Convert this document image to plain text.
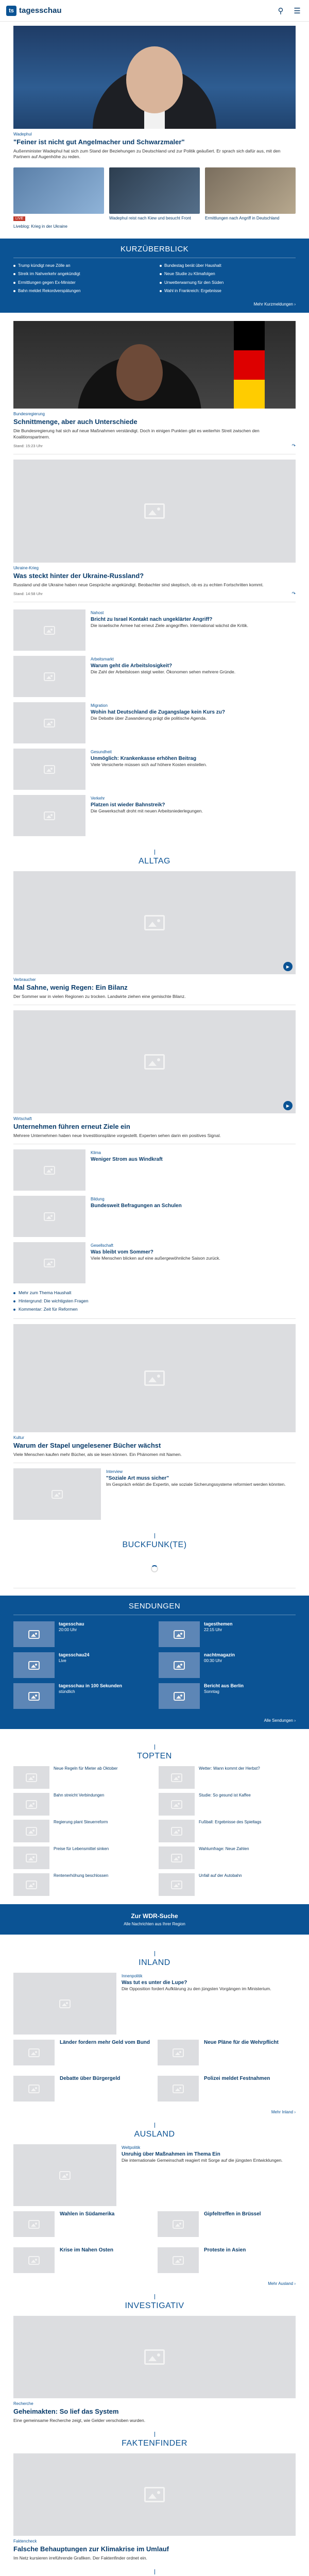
ts tagesschau	⚲	☰
Wadephul
"Feiner ist nicht gut Angelmacher und Schwarzmaler"
Außenminister Wadephul hat sich zum Stand der Beziehungen zu Deutschland und zur Politik geäußert. Er sprach sich dafür aus, mit den Partnern auf Augenhöhe zu reden.
LIVE
Liveblog: Krieg in der Ukraine
Wadephul reist nach Kiew und besucht Front	Ermittlungen nach Angriff in Deutschland
KURZÜBERBLICK
Trump kündigt neue Zölle an	Bundestag berät über Haushalt
Streik im Nahverkehr angekündigt	Neue Studie zu Klimafolgen
Ermittlungen gegen Ex-Minister	Unwetterwarnung für den Süden
Bahn meldet Rekordverspätungen	Wahl in Frankreich: Ergebnisse
Mehr Kurzmeldungen ›
Bundesregierung
Schnittmenge, aber auch Unterschiede
Die Bundesregierung hat sich auf neue Maßnahmen verständigt. Doch in einigen Punkten gibt es weiterhin Streit zwischen den Koalitionspartnern.
Stand: 15:23 Uhr	↷
Ukraine-Krieg
Was steckt hinter der Ukraine-Russland?
Russland und die Ukraine haben neue Gespräche angekündigt. Beobachter sind skeptisch, ob es zu echten Fortschritten kommt.
Stand: 14:58 Uhr	↷
Nahost
Bricht zu Israel Kontakt nach ungeklärter Angriff?
Die israelische Armee hat erneut Ziele angegriffen. International wächst die Kritik.
Arbeitsmarkt
Warum geht die Arbeitslosigkeit?
Die Zahl der Arbeitslosen steigt weiter. Ökonomen sehen mehrere Gründe.
Migration
Wohin hat Deutschland die Zugangslage kein Kurs zu?
Die Debatte über Zuwanderung prägt die politische Agenda.
Gesundheit
Unmöglich: Krankenkasse erhöhen Beitrag
Viele Versicherte müssen sich auf höhere Kosten einstellen.
Verkehr
Platzen ist wieder Bahnstreik?
Die Gewerkschaft droht mit neuen Arbeitsniederlegungen.
ALLTAG
▶
Verbraucher
Mal Sahne, wenig Regen: Ein Bilanz
Der Sommer war in vielen Regionen zu trocken. Landwirte ziehen eine gemischte Bilanz.
▶
Wirtschaft
Unternehmen führen erneut Ziele ein
Mehrere Unternehmen haben neue Investitionspläne vorgestellt. Experten sehen darin ein positives Signal.
Klima
Weniger Strom aus Windkraft
Bildung
Bundesweit Befragungen an Schulen
Gesellschaft
Was bleibt vom Sommer?
Viele Menschen blicken auf eine außergewöhnliche Saison zurück.
Mehr zum Thema Haushalt
Hintergrund: Die wichtigsten Fragen
Kommentar: Zeit für Reformen
Kultur
Warum der Stapel ungelesener Bücher wächst
Viele Menschen kaufen mehr Bücher, als sie lesen können. Ein Phänomen mit Namen.
Interview
"Soziale Art muss sicher"
Im Gespräch erklärt die Expertin, wie soziale Sicherungssysteme reformiert werden könnten.
BUCKFUNK(TE)
SENDUNGEN
tagesschau
20:00 Uhr
tagesthemen
22:15 Uhr
tagesschau24
Live
nachtmagazin
00:30 Uhr
tagesschau in 100 Sekunden
stündlich
Bericht aus Berlin
Sonntag
Alle Sendungen ›
TOPTEN
Neue Regeln für Mieter ab Oktober	Wetter: Wann kommt der Herbst?
Bahn streicht Verbindungen	Studie: So gesund ist Kaffee
Regierung plant Steuerreform	Fußball: Ergebnisse des Spieltags
Preise für Lebensmittel sinken	Wahlumfrage: Neue Zahlen
Rentenerhöhung beschlossen	Unfall auf der Autobahn
Zur WDR-Suche
Alle Nachrichten aus Ihrer Region
INLAND
Innenpolitik
Was tut es unter die Lupe?
Die Opposition fordert Aufklärung zu den jüngsten Vorgängen im Ministerium.
Länder fordern mehr Geld vom Bund	Neue Pläne für die Wehrpflicht
Debatte über Bürgergeld	Polizei meldet Festnahmen
Mehr Inland ›
AUSLAND
Weltpolitik
Unruhig über Maßnahmen im Thema Ein
Die internationale Gemeinschaft reagiert mit Sorge auf die jüngsten Entwicklungen.
Wahlen in Südamerika	Gipfeltreffen in Brüssel
Krise im Nahen Osten	Proteste in Asien
Mehr Ausland ›
INVESTIGATIV
Recherche
Geheimakten: So lief das System
Eine gemeinsame Recherche zeigt, wie Gelder verschoben wurden.
FAKTENFINDER
Faktencheck
Falsche Behauptungen zur Klimakrise im Umlauf
Im Netz kursieren irreführende Grafiken. Der Faktenfinder ordnet ein.
